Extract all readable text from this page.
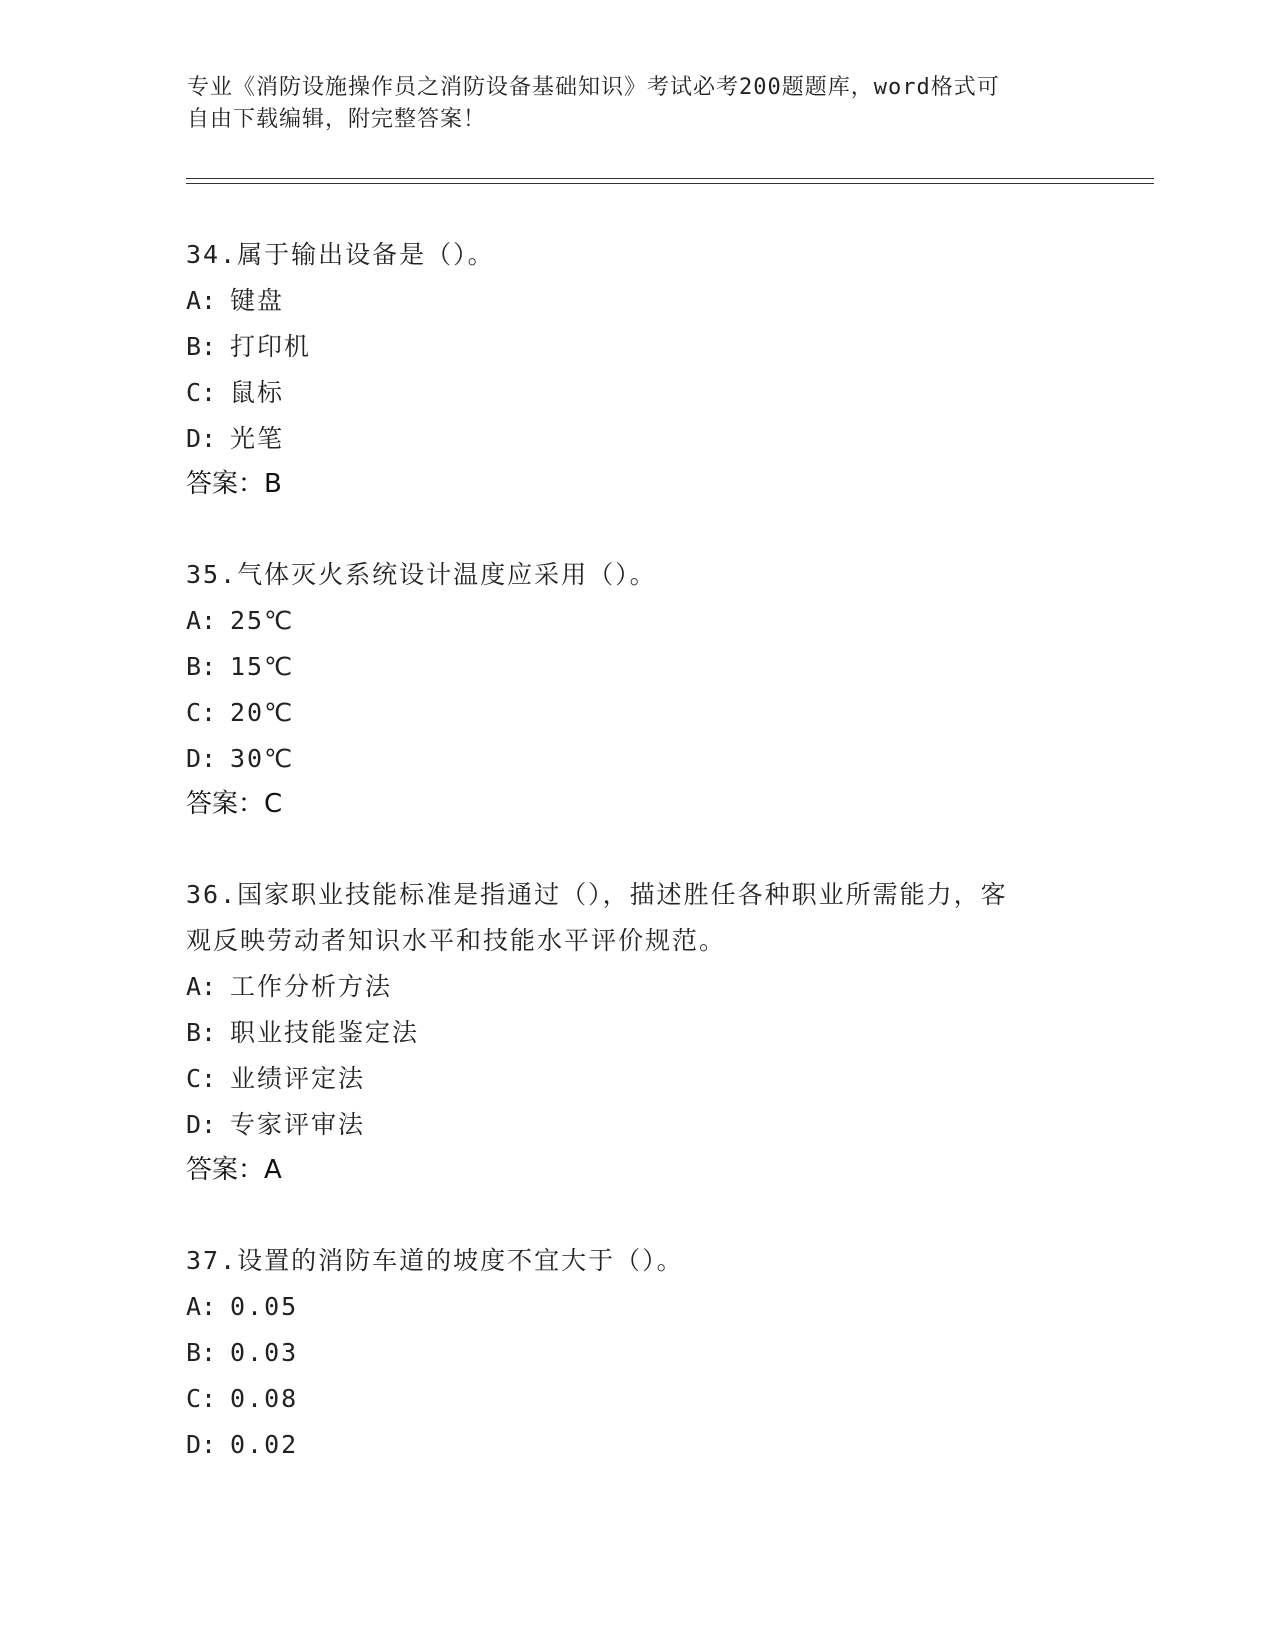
专业《消防设施操作员之消防设备基础知识》考试必考200题题库，word格式可
自由下载编辑，附完整答案！
34.属于输出设备是（）。
A: 键盘
B: 打印机
C: 鼠标
D: 光笔
答案：B
35.气体灭火系统设计温度应采用（）。
A: 25℃
B: 15℃
C: 20℃
D: 30℃
答案：C
36.国家职业技能标准是指通过（），描述胜任各种职业所需能力，客
观反映劳动者知识水平和技能水平评价规范。
A: 工作分析方法
B: 职业技能鉴定法
C: 业绩评定法
D: 专家评审法
答案：A
37.设置的消防车道的坡度不宜大于（）。
A: 0.05
B: 0.03
C: 0.08
D: 0.02
